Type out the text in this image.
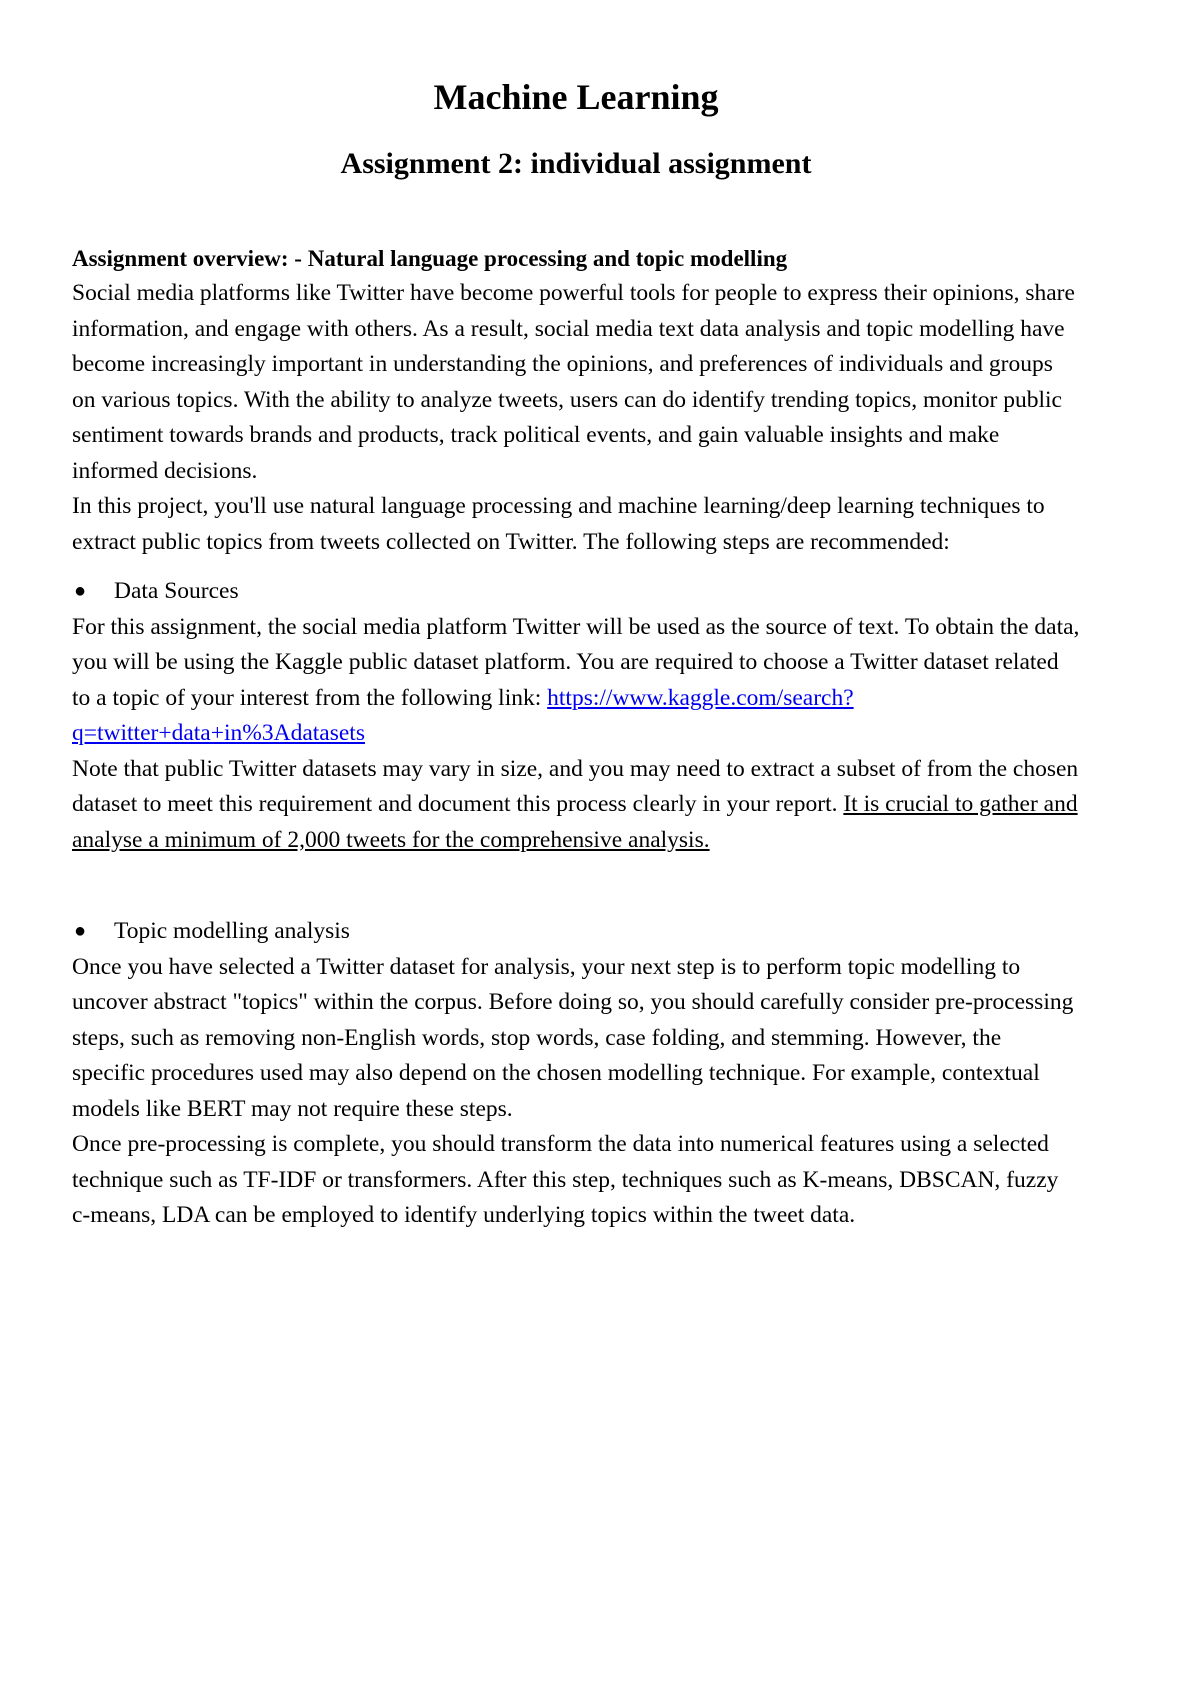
Machine Learning
Assignment 2: individual assignment
Assignment overview: - Natural language processing and topic modelling

Social media platforms like Twitter have become powerful tools for people to express their opinions, share information, and engage with others. As a result, social media text data analysis and topic modelling have become increasingly important in understanding the opinions, and preferences of individuals and groups on various topics. With the ability to analyze tweets, users can do identify trending topics, monitor public sentiment towards brands and products, track political events, and gain valuable insights and make informed decisions.

In this project, you'll use natural language processing and machine learning/deep learning techniques to extract public topics from tweets collected on Twitter. The following steps are recommended:

● Data Sources

For this assignment, the social media platform Twitter will be used as the source of text. To obtain the data, you will be using the Kaggle public dataset platform. You are required to choose a Twitter dataset related to a topic of your interest from the following link: https://www.kaggle.com/search?q=twitter+data+in%3Adatasets

Note that public Twitter datasets may vary in size, and you may need to extract a subset of from the chosen dataset to meet this requirement and document this process clearly in your report. It is crucial to gather and analyse a minimum of 2,000 tweets for the comprehensive analysis.

● Topic modelling analysis

Once you have selected a Twitter dataset for analysis, your next step is to perform topic modelling to uncover abstract "topics" within the corpus. Before doing so, you should carefully consider pre-processing steps, such as removing non-English words, stop words, case folding, and stemming. However, the specific procedures used may also depend on the chosen modelling technique. For example, contextual models like BERT may not require these steps.

Once pre-processing is complete, you should transform the data into numerical features using a selected technique such as TF-IDF or transformers. After this step, techniques such as K-means, DBSCAN, fuzzy c-means, LDA can be employed to identify underlying topics within the tweet data.
